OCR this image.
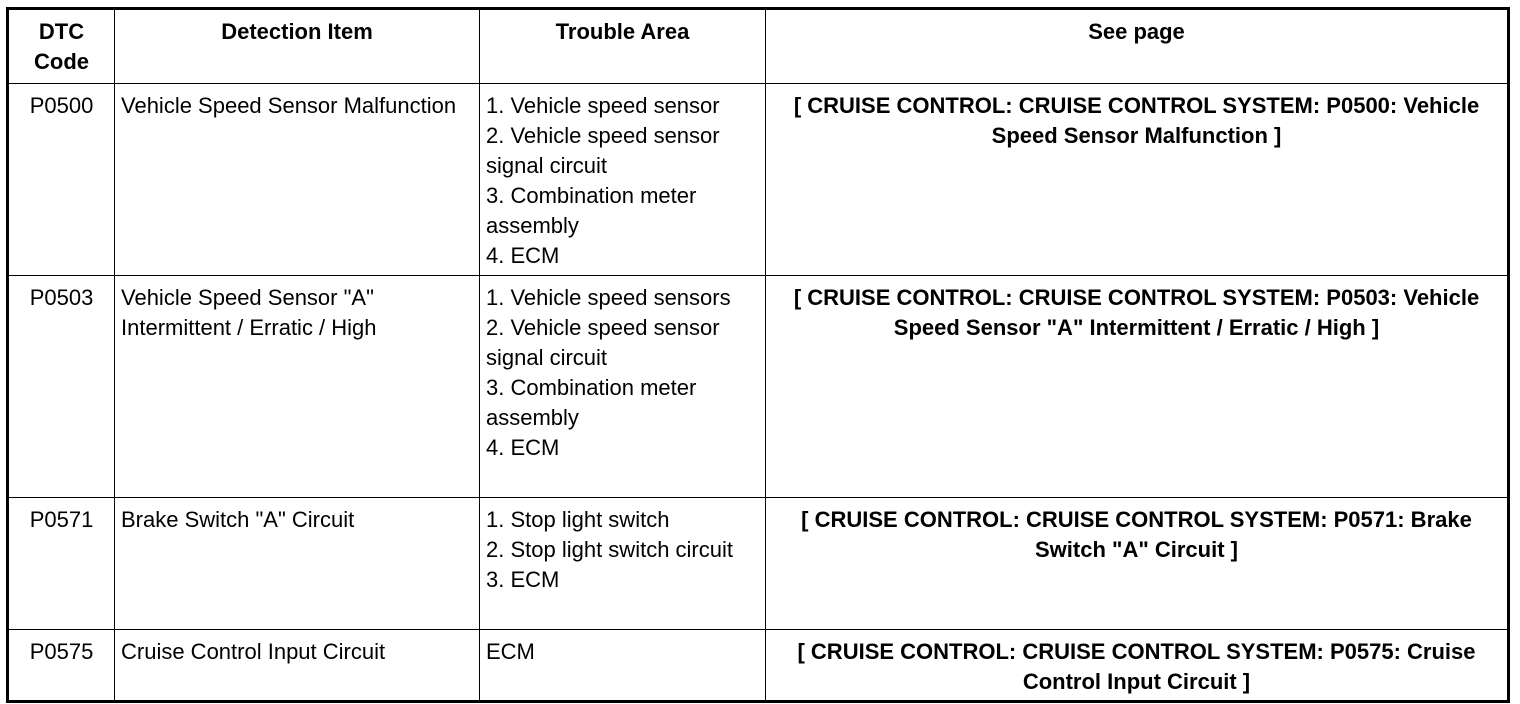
DTC Code	Detection Item	Trouble Area	See page
P0500	Vehicle Speed Sensor Malfunction	1. Vehicle speed sensor
2. Vehicle speed sensor signal circuit
3. Combination meter assembly
4. ECM	[ CRUISE CONTROL: CRUISE CONTROL SYSTEM: P0500: Vehicle Speed Sensor Malfunction ]
P0503	Vehicle Speed Sensor "A" Intermittent / Erratic / High	1. Vehicle speed sensors
2. Vehicle speed sensor signal circuit
3. Combination meter assembly
4. ECM	[ CRUISE CONTROL: CRUISE CONTROL SYSTEM: P0503: Vehicle Speed Sensor "A" Intermittent / Erratic / High ]
P0571	Brake Switch "A" Circuit	1. Stop light switch
2. Stop light switch circuit
3. ECM	[ CRUISE CONTROL: CRUISE CONTROL SYSTEM: P0571: Brake Switch "A" Circuit ]
P0575	Cruise Control Input Circuit	ECM	[ CRUISE CONTROL: CRUISE CONTROL SYSTEM: P0575: Cruise Control Input Circuit ]
